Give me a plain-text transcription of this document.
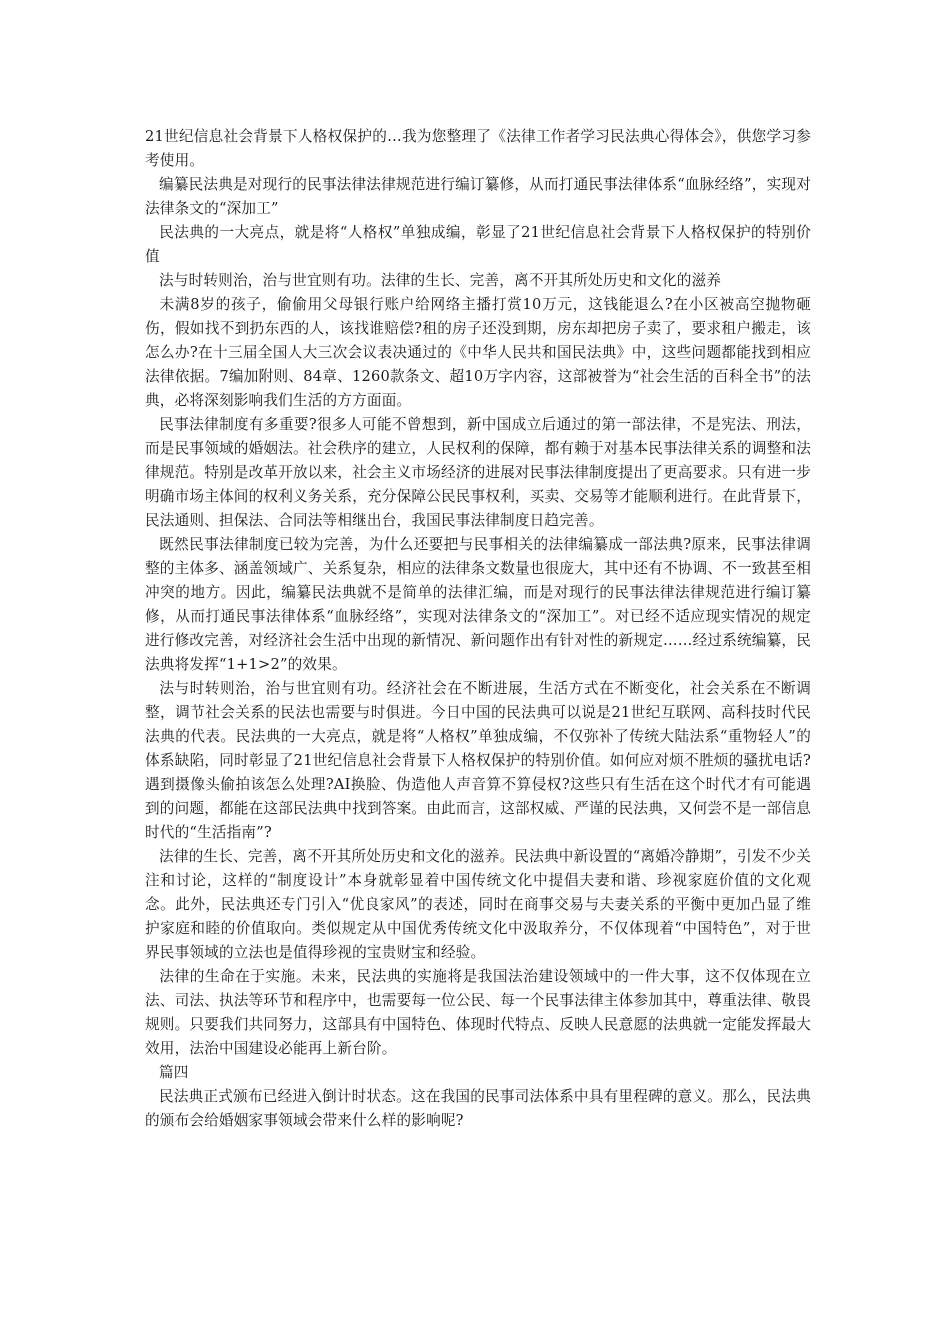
21世纪信息社会背景下人格权保护的…我为您整理了《法律工作者学习民法典心得体会》，供您学习参考使用。

编纂民法典是对现行的民事法律法律规范进行编订纂修，从而打通民事法律体系“血脉经络”，实现对法律条文的“深加工”

民法典的一大亮点，就是将“人格权”单独成编，彰显了21世纪信息社会背景下人格权保护的特别价值

法与时转则治，治与世宜则有功。法律的生长、完善，离不开其所处历史和文化的滋养

未满8岁的孩子，偷偷用父母银行账户给网络主播打赏10万元，这钱能退么?在小区被高空抛物砸伤，假如找不到扔东西的人，该找谁赔偿?租的房子还没到期，房东却把房子卖了，要求租户搬走，该怎么办?在十三届全国人大三次会议表决通过的《中华人民共和国民法典》中，这些问题都能找到相应法律依据。7编加附则、84章、1260款条文、超10万字内容，这部被誉为“社会生活的百科全书”的法典，必将深刻影响我们生活的方方面面。

民事法律制度有多重要?很多人可能不曾想到，新中国成立后通过的第一部法律，不是宪法、刑法，而是民事领域的婚姻法。社会秩序的建立，人民权利的保障，都有赖于对基本民事法律关系的调整和法律规范。特别是改革开放以来，社会主义市场经济的进展对民事法律制度提出了更高要求。只有进一步明确市场主体间的权利义务关系，充分保障公民民事权利，买卖、交易等才能顺利进行。在此背景下，民法通则、担保法、合同法等相继出台，我国民事法律制度日趋完善。

既然民事法律制度已较为完善，为什么还要把与民事相关的法律编纂成一部法典?原来，民事法律调整的主体多、涵盖领域广、关系复杂，相应的法律条文数量也很庞大，其中还有不协调、不一致甚至相冲突的地方。因此，编纂民法典就不是简单的法律汇编，而是对现行的民事法律法律规范进行编订纂修，从而打通民事法律体系“血脉经络”，实现对法律条文的“深加工”。对已经不适应现实情况的规定进行修改完善，对经济社会生活中出现的新情况、新问题作出有针对性的新规定……经过系统编纂，民法典将发挥“1+1>2”的效果。

法与时转则治，治与世宜则有功。经济社会在不断进展，生活方式在不断变化，社会关系在不断调整，调节社会关系的民法也需要与时俱进。今日中国的民法典可以说是21世纪互联网、高科技时代民法典的代表。民法典的一大亮点，就是将“人格权”单独成编，不仅弥补了传统大陆法系“重物轻人”的体系缺陷，同时彰显了21世纪信息社会背景下人格权保护的特别价值。如何应对烦不胜烦的骚扰电话?遇到摄像头偷拍该怎么处理?AI换脸、伪造他人声音算不算侵权?这些只有生活在这个时代才有可能遇到的问题，都能在这部民法典中找到答案。由此而言，这部权威、严谨的民法典，又何尝不是一部信息时代的“生活指南”?

法律的生长、完善，离不开其所处历史和文化的滋养。民法典中新设置的“离婚冷静期”，引发不少关注和讨论，这样的“制度设计”本身就彰显着中国传统文化中提倡夫妻和谐、珍视家庭价值的文化观念。此外，民法典还专门引入“优良家风”的表述，同时在商事交易与夫妻关系的平衡中更加凸显了维护家庭和睦的价值取向。类似规定从中国优秀传统文化中汲取养分，不仅体现着“中国特色”，对于世界民事领域的立法也是值得珍视的宝贵财宝和经验。

法律的生命在于实施。未来，民法典的实施将是我国法治建设领域中的一件大事，这不仅体现在立法、司法、执法等环节和程序中，也需要每一位公民、每一个民事法律主体参加其中，尊重法律、敬畏规则。只要我们共同努力，这部具有中国特色、体现时代特点、反映人民意愿的法典就一定能发挥最大效用，法治中国建设必能再上新台阶。

篇四

民法典正式颁布已经进入倒计时状态。这在我国的民事司法体系中具有里程碑的意义。那么，民法典的颁布会给婚姻家事领域会带来什么样的影响呢?
